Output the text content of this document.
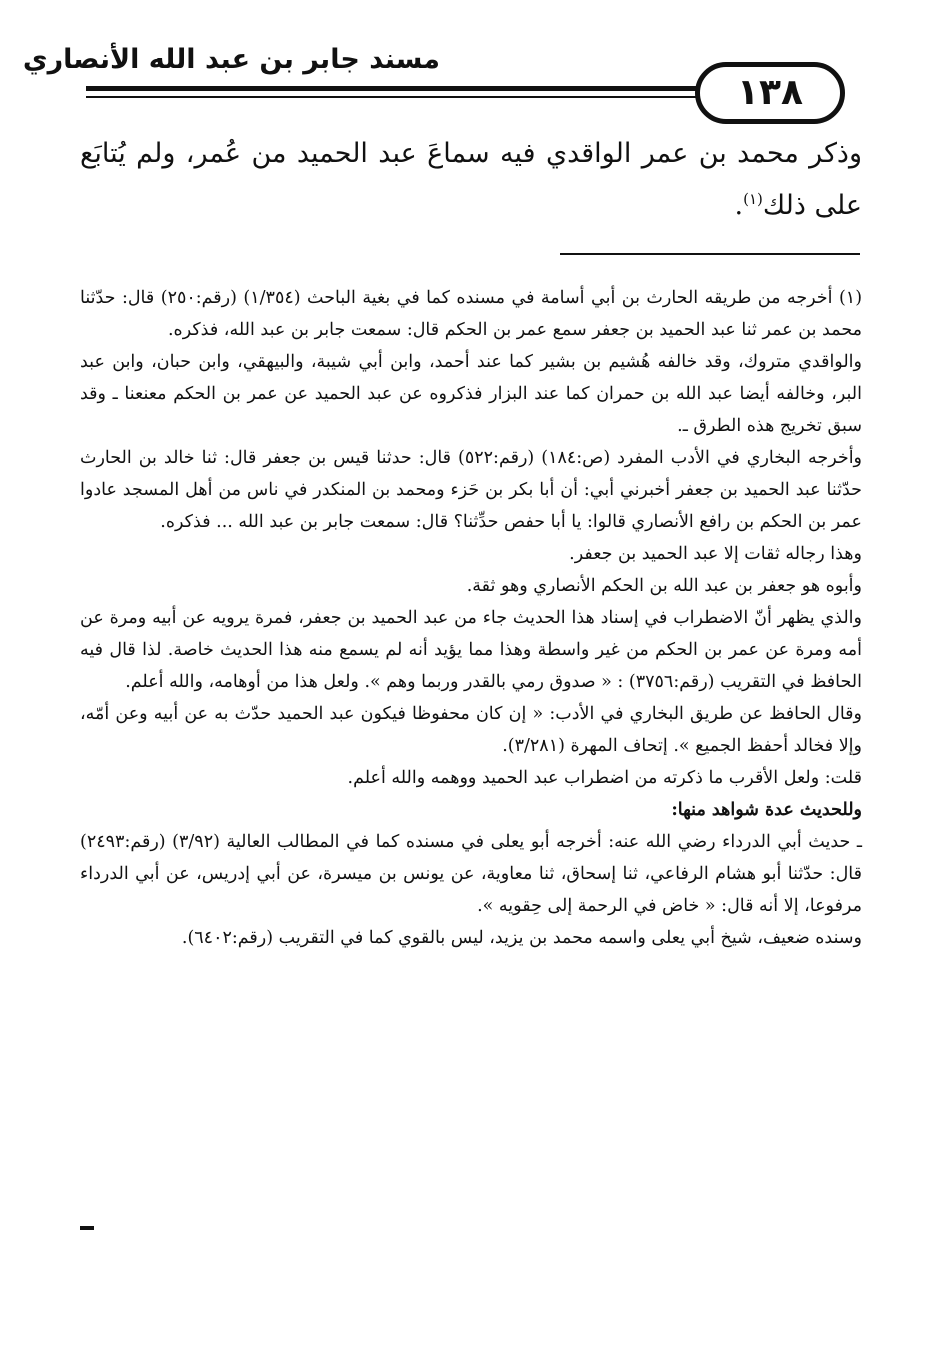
مسند جابر بن عبد الله الأنصاري
١٣٨

وذكر محمد بن عمر الواقدي فيه سماعَ عبد الحميد من عُمر، ولم يُتابَع على ذلك$^{(١)}$.

(١) أخرجه من طريقه الحارث بن أبي أسامة في مسنده كما في بغية الباحث (١/٣٥٤) (رقم:٢٥٠) قال: حدّثنا محمد بن عمر ثنا عبد الحميد بن جعفر سمع عمر بن الحكم قال: سمعت جابر بن عبد الله، فذكره.

والواقدي متروك، وقد خالفه هُشيم بن بشير كما عند أحمد، وابن أبي شيبة، والبيهقي، وابن حبان، وابن عبد البر، وخالفه أيضا عبد الله بن حمران كما عند البزار فذكروه عن عبد الحميد عن عمر بن الحكم معنعنا ـ وقد سبق تخريج هذه الطرق ـ.

وأخرجه البخاري في الأدب المفرد (ص:١٨٤) (رقم:٥٢٢) قال: حدثنا قيس بن جعفر قال: ثنا خالد بن الحارث حدّثنا عبد الحميد بن جعفر أخبرني أبي: أن أبا بكر بن حَزء ومحمد بن المنكدر في ناس من أهل المسجد عادوا عمر بن الحكم بن رافع الأنصاري قالوا: يا أبا حفص حدِّثنا؟ قال: سمعت جابر بن عبد الله ... فذكره.

وهذا رجاله ثقات إلا عبد الحميد بن جعفر.

وأبوه هو جعفر بن عبد الله بن الحكم الأنصاري وهو ثقة.

والذي يظهر أنّ الاضطراب في إسناد هذا الحديث جاء من عبد الحميد بن جعفر، فمرة يرويه عن أبيه ومرة عن أمه ومرة عن عمر بن الحكم من غير واسطة وهذا مما يؤيد أنه لم يسمع منه هذا الحديث خاصة. لذا قال فيه الحافظ في التقريب (رقم:٣٧٥٦) : « صدوق رمي بالقدر وربما وهم ». ولعل هذا من أوهامه، والله أعلم.

وقال الحافظ عن طريق البخاري في الأدب: « إن كان محفوظا فيكون عبد الحميد حدّث به عن أبيه وعن أمّه، وإلا فخالد أحفظ الجميع ». إتحاف المهرة (٣/٢٨١).

قلت: ولعل الأقرب ما ذكرته من اضطراب عبد الحميد ووهمه والله أعلم.

وللحديث عدة شواهد منها:

ـ حديث أبي الدرداء رضي الله عنه: أخرجه أبو يعلى في مسنده كما في المطالب العالية (٣/٩٢) (رقم:٢٤٩٣) قال: حدّثنا أبو هشام الرفاعي، ثنا إسحاق، ثنا معاوية، عن يونس بن ميسرة، عن أبي إدريس، عن أبي الدرداء مرفوعا، إلا أنه قال: « خاض في الرحمة إلى حِقويه ».

وسنده ضعيف، شيخ أبي يعلى واسمه محمد بن يزيد، ليس بالقوي كما في التقريب (رقم:٦٤٠٢).
